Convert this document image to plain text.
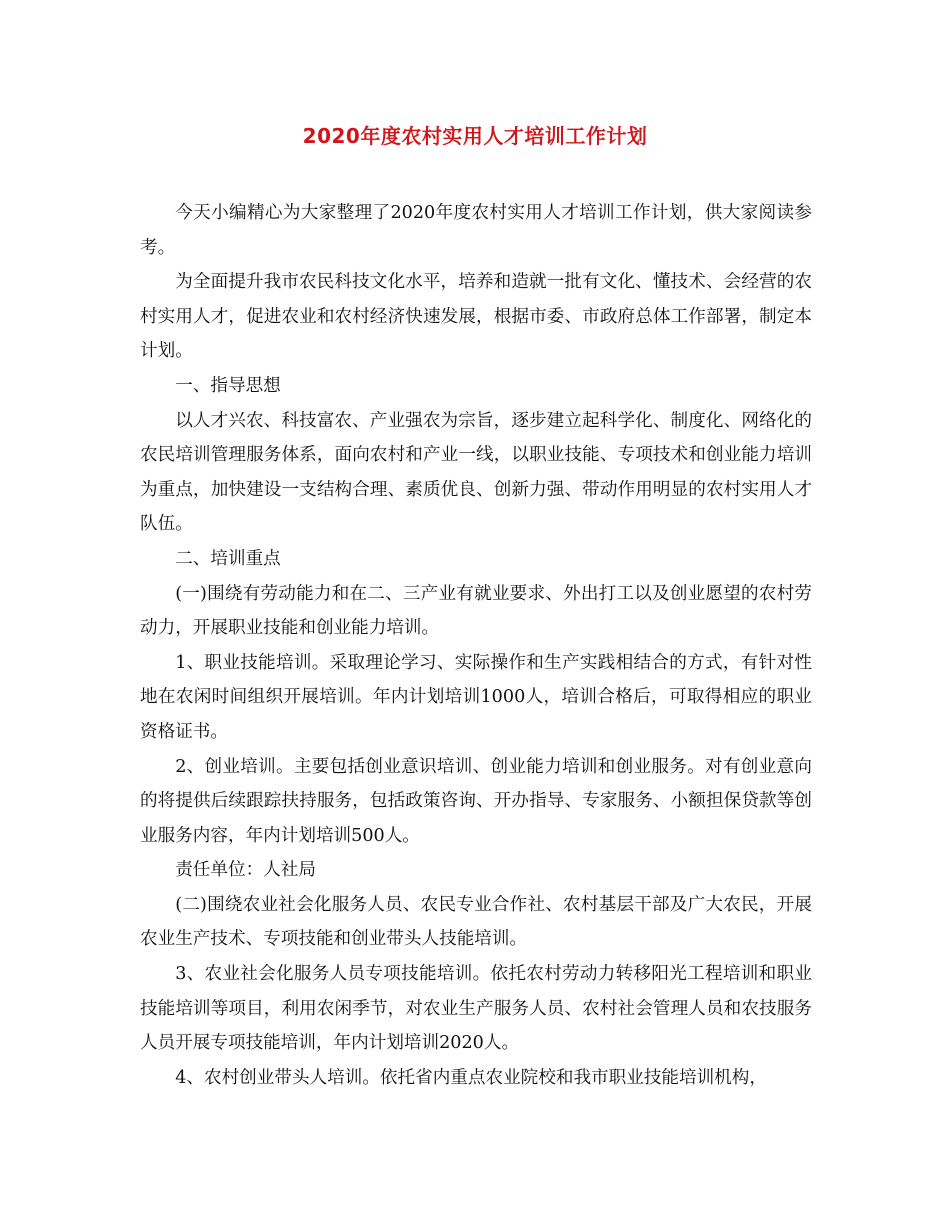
2020年度农村实用人才培训工作计划

今天小编精心为大家整理了2020年度农村实用人才培训工作计划，供大家阅读参考。

为全面提升我市农民科技文化水平，培养和造就一批有文化、懂技术、会经营的农村实用人才，促进农业和农村经济快速发展，根据市委、市政府总体工作部署，制定本计划。

一、指导思想

以人才兴农、科技富农、产业强农为宗旨，逐步建立起科学化、制度化、网络化的农民培训管理服务体系，面向农村和产业一线，以职业技能、专项技术和创业能力培训为重点，加快建设一支结构合理、素质优良、创新力强、带动作用明显的农村实用人才队伍。

二、培训重点

(一)围绕有劳动能力和在二、三产业有就业要求、外出打工以及创业愿望的农村劳动力，开展职业技能和创业能力培训。

1、职业技能培训。采取理论学习、实际操作和生产实践相结合的方式，有针对性地在农闲时间组织开展培训。年内计划培训1000人，培训合格后，可取得相应的职业资格证书。

2、创业培训。主要包括创业意识培训、创业能力培训和创业服务。对有创业意向的将提供后续跟踪扶持服务，包括政策咨询、开办指导、专家服务、小额担保贷款等创业服务内容，年内计划培训500人。

责任单位：人社局

(二)围绕农业社会化服务人员、农民专业合作社、农村基层干部及广大农民，开展农业生产技术、专项技能和创业带头人技能培训。

3、农业社会化服务人员专项技能培训。依托农村劳动力转移阳光工程培训和职业技能培训等项目，利用农闲季节，对农业生产服务人员、农村社会管理人员和农技服务人员开展专项技能培训，年内计划培训2020人。

4、农村创业带头人培训。依托省内重点农业院校和我市职业技能培训机构，
